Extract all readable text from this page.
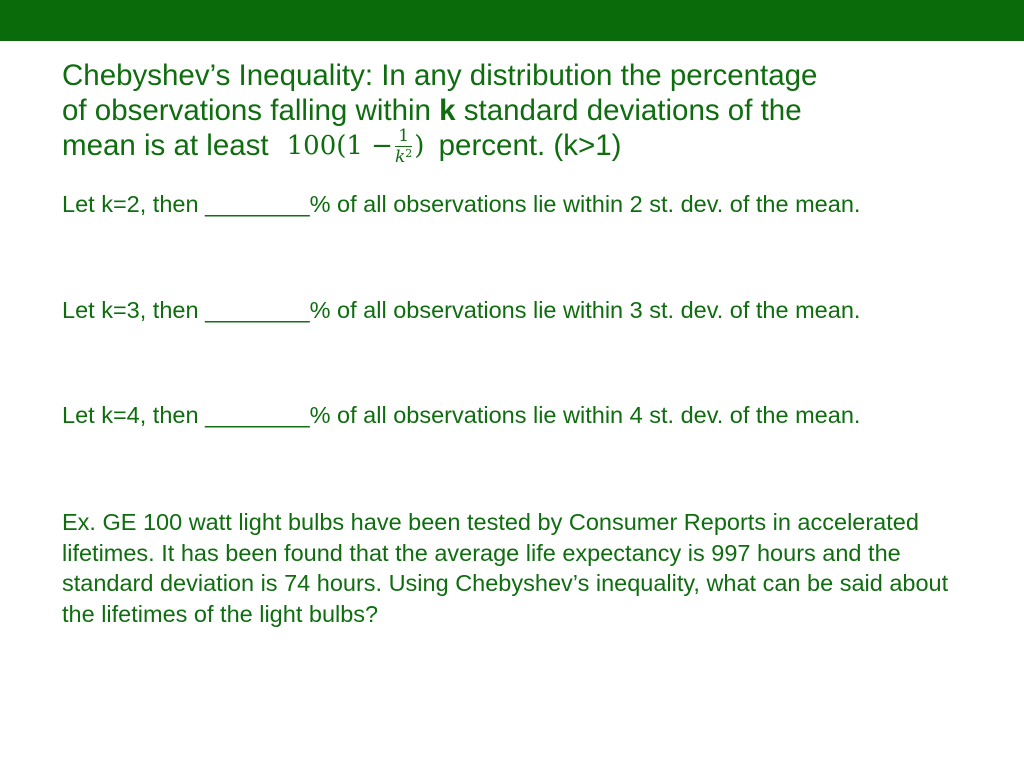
Chebyshev’s Inequality: In any distribution the percentage
of observations falling within k standard deviations of the
mean is at least $100(1 - \frac{1}{k^2}$ ) percent. (k>1)

Let k=2, then ________% of all observations lie within 2 st. dev. of the mean.

Let k=3, then ________% of all observations lie within 3 st. dev. of the mean.

Let k=4, then ________% of all observations lie within 4 st. dev. of the mean.

Ex. GE 100 watt light bulbs have been tested by Consumer Reports in accelerated lifetimes. It has been found that the average life expectancy is 997 hours and the standard deviation is 74 hours. Using Chebyshev’s inequality, what can be said about the lifetimes of the light bulbs?
